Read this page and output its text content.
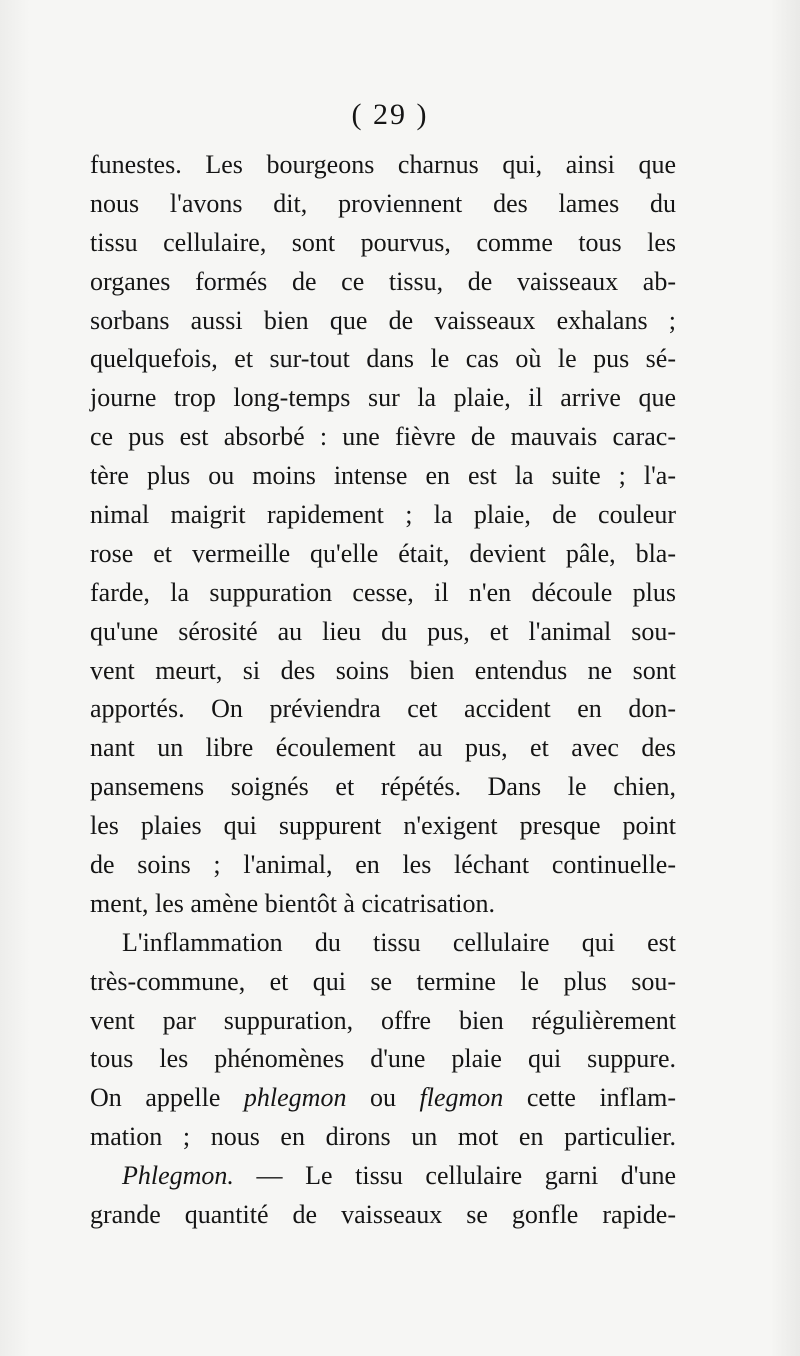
( 29 )
funestes. Les bourgeons charnus qui, ainsi que
nous l'avons dit, proviennent des lames du
tissu cellulaire, sont pourvus, comme tous les
organes formés de ce tissu, de vaisseaux ab-
sorbans aussi bien que de vaisseaux exhalans ;
quelquefois, et sur-tout dans le cas où le pus sé-
journe trop long-temps sur la plaie, il arrive que
ce pus est absorbé : une fièvre de mauvais carac-
tère plus ou moins intense en est la suite ; l'a-
nimal maigrit rapidement ; la plaie, de couleur
rose et vermeille qu'elle était, devient pâle, bla-
farde, la suppuration cesse, il n'en découle plus
qu'une sérosité au lieu du pus, et l'animal sou-
vent meurt, si des soins bien entendus ne sont
apportés. On préviendra cet accident en don-
nant un libre écoulement au pus, et avec des
pansemens soignés et répétés. Dans le chien,
les plaies qui suppurent n'exigent presque point
de soins ; l'animal, en les léchant continuelle-
ment, les amène bientôt à cicatrisation.
L'inflammation du tissu cellulaire qui est
très-commune, et qui se termine le plus sou-
vent par suppuration, offre bien régulièrement
tous les phénomènes d'une plaie qui suppure.
On appelle phlegmon ou flegmon cette inflam-
mation ; nous en dirons un mot en particulier.
Phlegmon. — Le tissu cellulaire garni d'une
grande quantité de vaisseaux se gonfle rapide-
